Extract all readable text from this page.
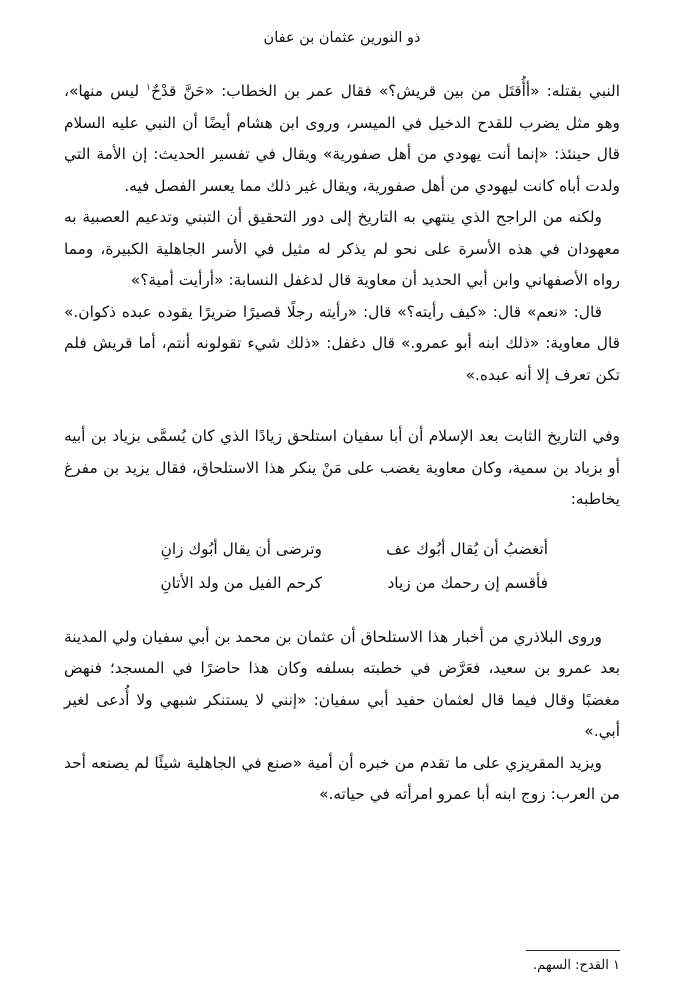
ذو النورين عثمان بن عفان

النبي بقتله: «أأُقتَل من بين قريش؟» فقال عمر بن الخطاب: «حَنَّ قدْحٌ$^١$ ليس منها»، وهو مثل يضرب للقدح الدخيل في الميسر، وروى ابن هشام أيضًا أن النبي عليه السلام قال حينئذ: «إنما أنت يهودي من أهل صفورية» ويقال في تفسير الحديث: إن الأمة التي ولدت أباه كانت لیهودي من أهل صفورية، ويقال غير ذلك مما يعسر الفصل فيه.

ولكنه من الراجح الذي ينتهي به التاريخ إلى دور التحقيق أن التبني وتدعيم العصبية به معهودان في هذه الأسرة على نحو لم يذكر له مثيل في الأسر الجاهلية الكبيرة، ومما رواه الأصفهاني وابن أبي الحديد أن معاوية قال لدغفل النسابة: «أرأيت أمية؟»

قال: «نعم» قال: «كيف رأيته؟» قال: «رأيته رجلًا قصيرًا ضريرًا يقوده عبده ذكوان.» قال معاوية: «ذلك ابنه أبو عمرو.» قال دغفل: «ذلك شيء تقولونه أنتم، أما قريش فلم تكن تعرف إلا أنه عبده.»

وفي التاريخ الثابت بعد الإسلام أن أبا سفيان استلحق زيادًا الذي كان يُسمَّى بزياد بن أبيه أو بزياد بن سمية، وكان معاوية يغضب على مَنْ ينكر هذا الاستلحاق، فقال يزيد بن مفرغ يخاطبه:

أتغضبُ أن يُقال أبُوك عف
وترضى أن يقال أبُوك زانِ
فأقسم إن رحمك من زياد
كرحم الفيل من ولد الأتانِ

وروى البلاذري من أخبار هذا الاستلحاق أن عثمان بن محمد بن أبي سفيان ولي المدينة بعد عمرو بن سعيد، فعَرَّض في خطبته بسلفه وكان هذا حاضرًا في المسجد؛ فنهض مغضبًا وقال فيما قال لعثمان حفيد أبي سفيان: «إنني لا يستنكر شبهي ولا أُدعى لغير أبي.»

ويزيد المقريزي على ما تقدم من خبره أن أمية «صنع في الجاهلية شيئًا لم يصنعه أحد من العرب: زوج ابنه أبا عمرو امرأته في حياته.»

١ القدح: السهم.
